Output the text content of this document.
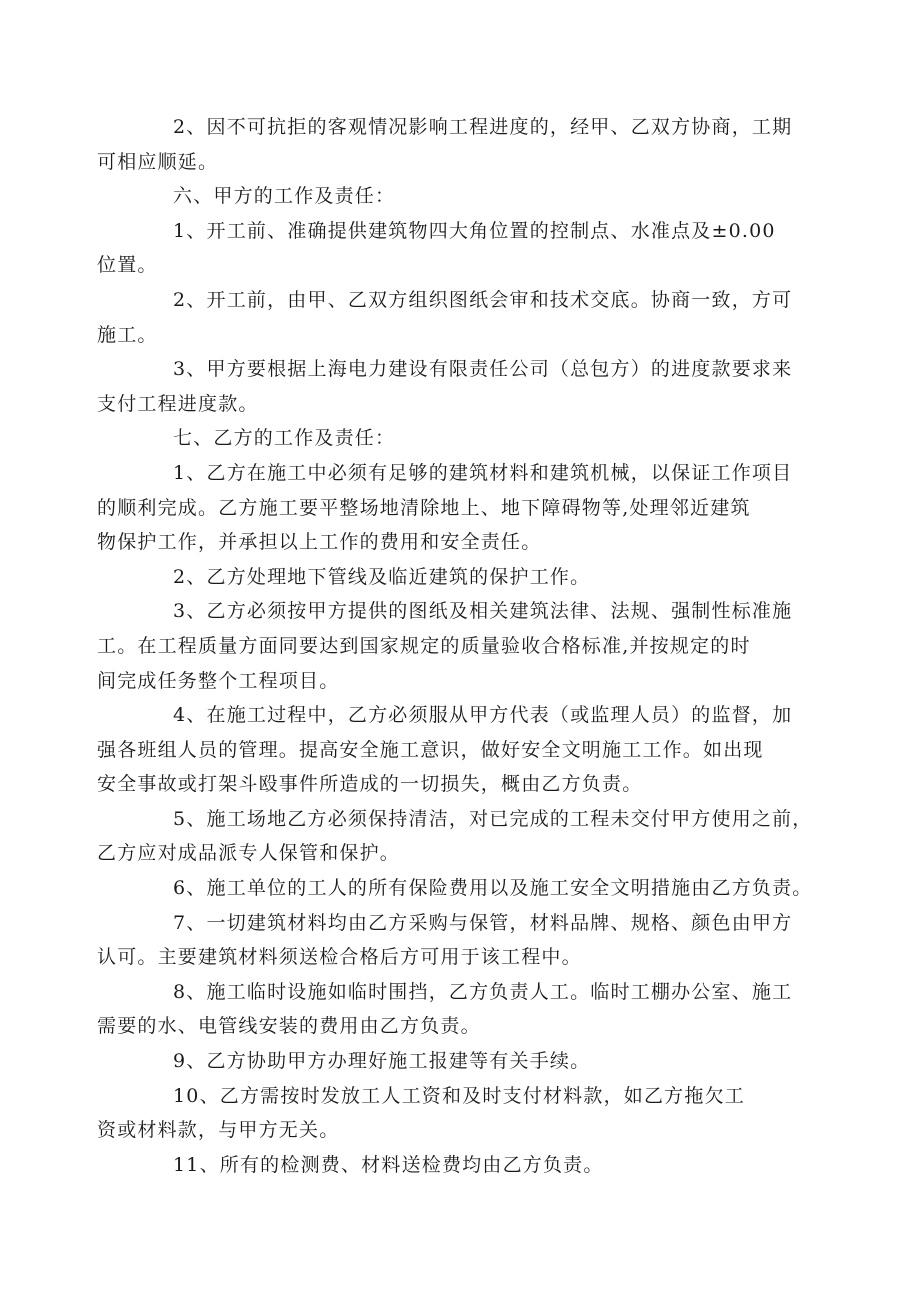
2、因不可抗拒的客观情况影响工程进度的，经甲、乙双方协商，工期
可相应顺延。

六、甲方的工作及责任：

1、开工前、准确提供建筑物四大角位置的控制点、水准点及±0.00
位置。

2、开工前，由甲、乙双方组织图纸会审和技术交底。协商一致，方可
施工。

3、甲方要根据上海电力建设有限责任公司（总包方）的进度款要求来
支付工程进度款。

七、乙方的工作及责任：

1、乙方在施工中必须有足够的建筑材料和建筑机械，以保证工作项目
的顺利完成。乙方施工要平整场地清除地上、地下障碍物等,处理邻近建筑
物保护工作，并承担以上工作的费用和安全责任。

2、乙方处理地下管线及临近建筑的保护工作。

3、乙方必须按甲方提供的图纸及相关建筑法律、法规、强制性标准施
工。在工程质量方面同要达到国家规定的质量验收合格标准,并按规定的时
间完成任务整个工程项目。

4、在施工过程中，乙方必须服从甲方代表（或监理人员）的监督，加
强各班组人员的管理。提高安全施工意识，做好安全文明施工工作。如出现
安全事故或打架斗殴事件所造成的一切损失，概由乙方负责。

5、施工场地乙方必须保持清洁，对已完成的工程未交付甲方使用之前，
乙方应对成品派专人保管和保护。

6、施工单位的工人的所有保险费用以及施工安全文明措施由乙方负责。

7、一切建筑材料均由乙方采购与保管，材料品牌、规格、颜色由甲方
认可。主要建筑材料须送检合格后方可用于该工程中。

8、施工临时设施如临时围挡，乙方负责人工。临时工棚办公室、施工
需要的水、电管线安装的费用由乙方负责。

9、乙方协助甲方办理好施工报建等有关手续。

10、乙方需按时发放工人工资和及时支付材料款，如乙方拖欠工
资或材料款，与甲方无关。

11、所有的检测费、材料送检费均由乙方负责。
